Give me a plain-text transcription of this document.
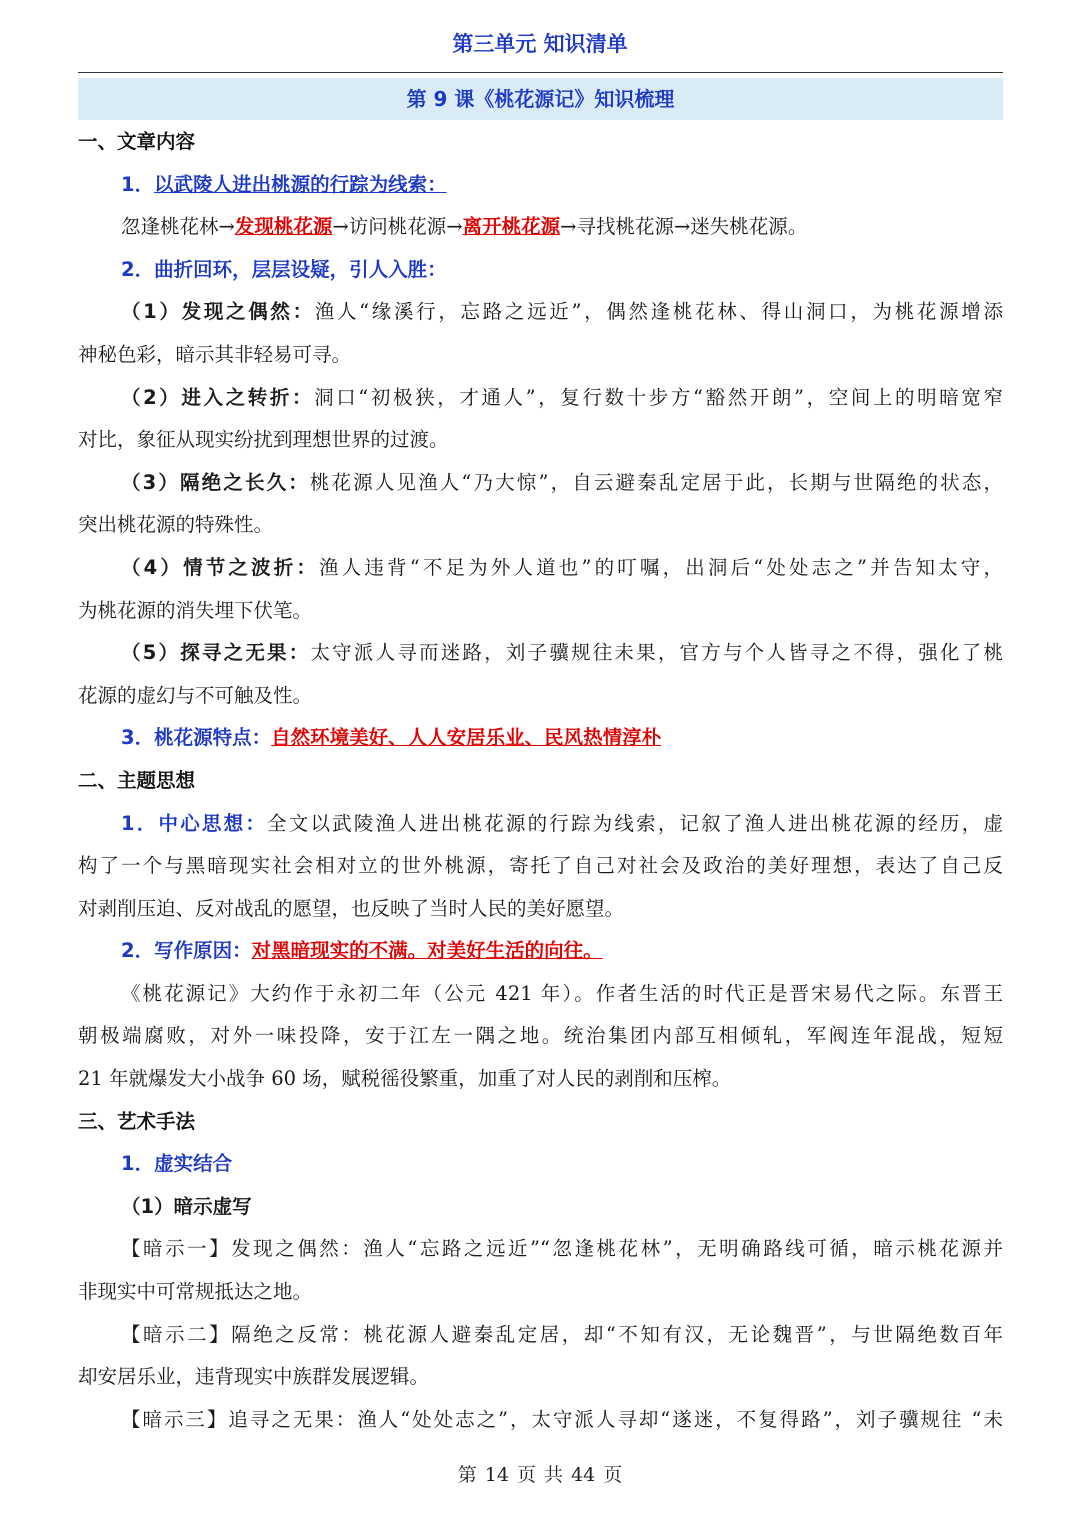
第三单元 知识清单
第 9 课《桃花源记》知识梳理
一、文章内容
1．以武陵人进出桃源的行踪为线索：
忽逢桃花林→发现桃花源→访问桃花源→离开桃花源→寻找桃花源→迷失桃花源。
2．曲折回环，层层设疑，引人入胜：
（1）发现之偶然：渔人“缘溪行，忘路之远近”，偶然逢桃花林、得山洞口，为桃花源增添
神秘色彩，暗示其非轻易可寻。
（2）进入之转折：洞口“初极狭，才通人”，复行数十步方“豁然开朗”，空间上的明暗宽窄
对比，象征从现实纷扰到理想世界的过渡。
（3）隔绝之长久：桃花源人见渔人“乃大惊”，自云避秦乱定居于此，长期与世隔绝的状态，
突出桃花源的特殊性。
（4）情节之波折：渔人违背“不足为外人道也”的叮嘱，出洞后“处处志之”并告知太守，
为桃花源的消失埋下伏笔。
（5）探寻之无果：太守派人寻而迷路，刘子骥规往未果，官方与个人皆寻之不得，强化了桃
花源的虚幻与不可触及性。
3．桃花源特点：自然环境美好、人人安居乐业、民风热情淳朴
二、主题思想
1．中心思想：全文以武陵渔人进出桃花源的行踪为线索，记叙了渔人进出桃花源的经历，虚
构了一个与黑暗现实社会相对立的世外桃源，寄托了自己对社会及政治的美好理想，表达了自己反
对剥削压迫、反对战乱的愿望，也反映了当时人民的美好愿望。
2．写作原因：对黑暗现实的不满。对美好生活的向往。
《桃花源记》大约作于永初二年（公元 421 年）。作者生活的时代正是晋宋易代之际。东晋王
朝极端腐败，对外一味投降，安于江左一隅之地。统治集团内部互相倾轧，军阀连年混战，短短
21 年就爆发大小战争 60 场，赋税徭役繁重，加重了对人民的剥削和压榨。
三、艺术手法
1．虚实结合
（1）暗示虚写
【暗示一】发现之偶然：渔人“忘路之远近”“忽逢桃花林”，无明确路线可循，暗示桃花源并
非现实中可常规抵达之地。
【暗示二】隔绝之反常：桃花源人避秦乱定居，却“不知有汉，无论魏晋”，与世隔绝数百年
却安居乐业，违背现实中族群发展逻辑。
【暗示三】追寻之无果：渔人“处处志之”，太守派人寻却“遂迷，不复得路”，刘子骥规往 “未
第 14 页 共 44 页
